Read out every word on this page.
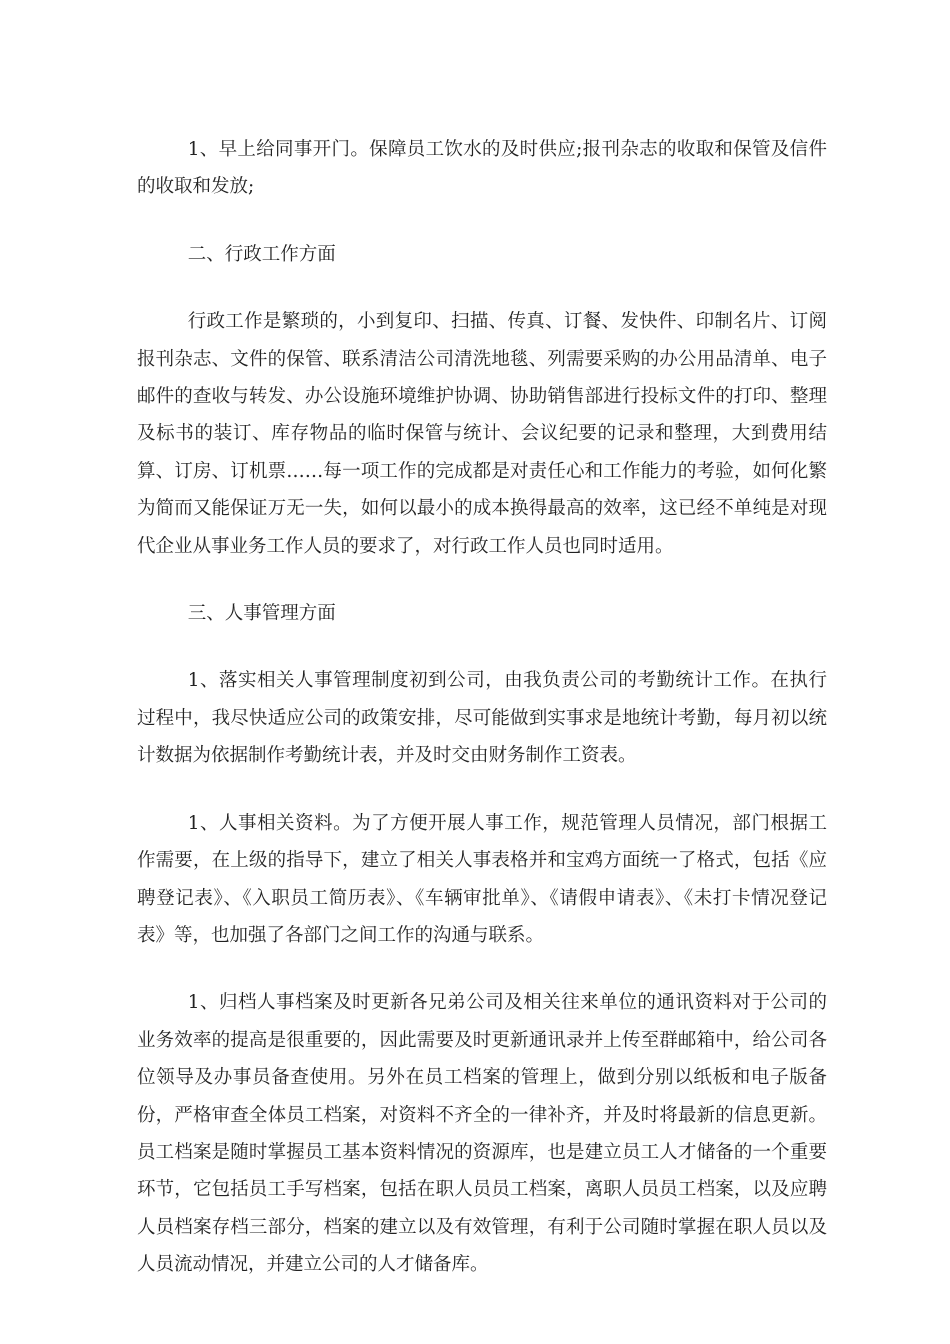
1、早上给同事开门。保障员工饮水的及时供应;报刊杂志的收取和保管及信件的收取和发放;

二、行政工作方面

行政工作是繁琐的，小到复印、扫描、传真、订餐、发快件、印制名片、订阅报刊杂志、文件的保管、联系清洁公司清洗地毯、列需要采购的办公用品清单、电子邮件的查收与转发、办公设施环境维护协调、协助销售部进行投标文件的打印、整理及标书的装订、库存物品的临时保管与统计、会议纪要的记录和整理，大到费用结算、订房、订机票……每一项工作的完成都是对责任心和工作能力的考验，如何化繁为简而又能保证万无一失，如何以最小的成本换得最高的效率，这已经不单纯是对现代企业从事业务工作人员的要求了，对行政工作人员也同时适用。

三、人事管理方面

1、落实相关人事管理制度初到公司，由我负责公司的考勤统计工作。在执行过程中，我尽快适应公司的政策安排，尽可能做到实事求是地统计考勤，每月初以统计数据为依据制作考勤统计表，并及时交由财务制作工资表。

1、人事相关资料。为了方便开展人事工作，规范管理人员情况，部门根据工作需要，在上级的指导下，建立了相关人事表格并和宝鸡方面统一了格式，包括《应聘登记表》、《入职员工简历表》、《车辆审批单》、《请假申请表》、《未打卡情况登记表》等，也加强了各部门之间工作的沟通与联系。

1、归档人事档案及时更新各兄弟公司及相关往来单位的通讯资料对于公司的业务效率的提高是很重要的，因此需要及时更新通讯录并上传至群邮箱中，给公司各位领导及办事员备查使用。另外在员工档案的管理上，做到分别以纸板和电子版备份，严格审查全体员工档案，对资料不齐全的一律补齐，并及时将最新的信息更新。员工档案是随时掌握员工基本资料情况的资源库，也是建立员工人才储备的一个重要环节，它包括员工手写档案，包括在职人员员工档案，离职人员员工档案，以及应聘人员档案存档三部分，档案的建立以及有效管理，有利于公司随时掌握在职人员以及人员流动情况，并建立公司的人才储备库。
